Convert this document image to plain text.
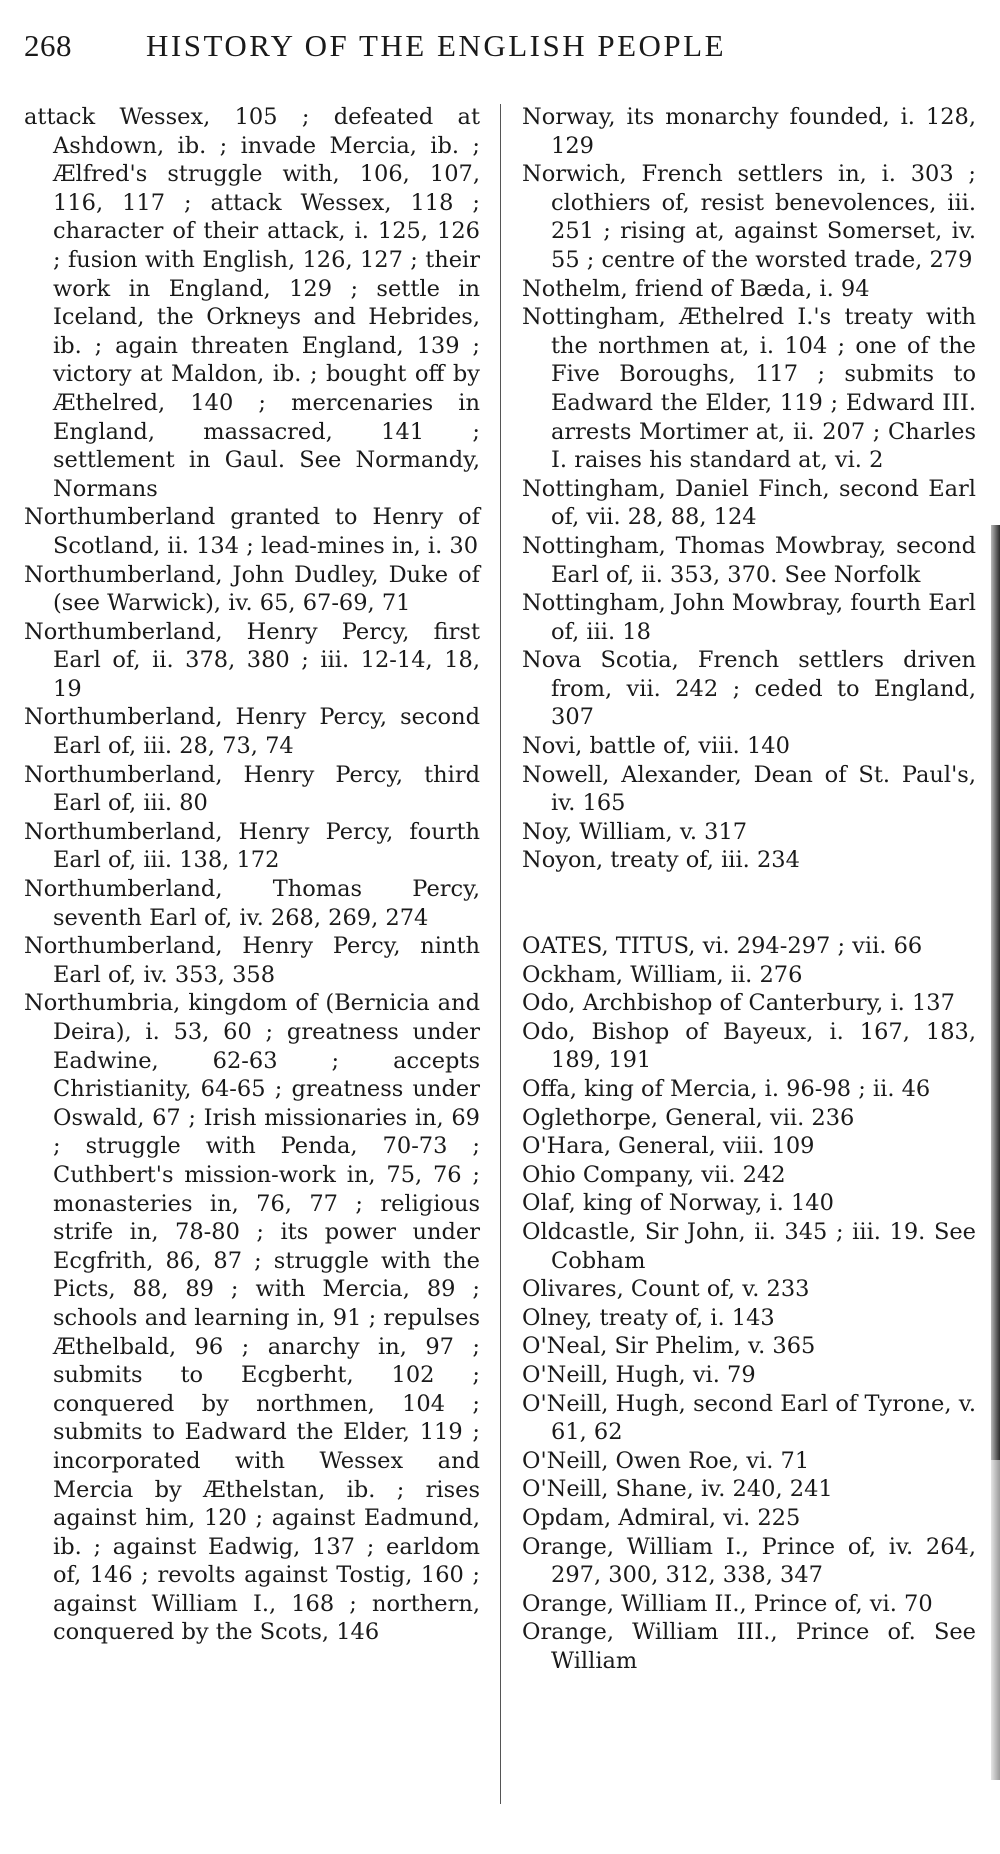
268 HISTORY OF THE ENGLISH PEOPLE
attack Wessex, 105 ; defeated at Ashdown, ib. ; invade Mercia, ib. ; Ælfred's struggle with, 106, 107, 116, 117 ; attack Wessex, 118 ; character of their attack, i. 125, 126 ; fusion with English, 126, 127 ; their work in England, 129 ; settle in Iceland, the Orkneys and Hebrides, ib. ; again threaten England, 139 ; victory at Maldon, ib. ; bought off by Æthelred, 140 ; mercenaries in England, massacred, 141 ; settlement in Gaul. See Normandy, Normans
Northumberland granted to Henry of Scotland, ii. 134 ; lead-mines in, i. 30
Northumberland, John Dudley, Duke of (see Warwick), iv. 65, 67-69, 71
Northumberland, Henry Percy, first Earl of, ii. 378, 380 ; iii. 12-14, 18, 19
Northumberland, Henry Percy, second Earl of, iii. 28, 73, 74
Northumberland, Henry Percy, third Earl of, iii. 80
Northumberland, Henry Percy, fourth Earl of, iii. 138, 172
Northumberland, Thomas Percy, seventh Earl of, iv. 268, 269, 274
Northumberland, Henry Percy, ninth Earl of, iv. 353, 358
Northumbria, kingdom of (Bernicia and Deira), i. 53, 60 ; greatness under Eadwine, 62-63 ; accepts Christianity, 64-65 ; greatness under Oswald, 67 ; Irish missionaries in, 69 ; struggle with Penda, 70-73 ; Cuthbert's mission-work in, 75, 76 ; monasteries in, 76, 77 ; religious strife in, 78-80 ; its power under Ecgfrith, 86, 87 ; struggle with the Picts, 88, 89 ; with Mercia, 89 ; schools and learning in, 91 ; repulses Æthelbald, 96 ; anarchy in, 97 ; submits to Ecgberht, 102 ; conquered by northmen, 104 ; submits to Eadward the Elder, 119 ; incorporated with Wessex and Mercia by Æthelstan, ib. ; rises against him, 120 ; against Eadmund, ib. ; against Eadwig, 137 ; earldom of, 146 ; revolts against Tostig, 160 ; against William I., 168 ; northern, conquered by the Scots, 146
Norway, its monarchy founded, i. 128, 129
Norwich, French settlers in, i. 303 ; clothiers of, resist benevolences, iii. 251 ; rising at, against Somerset, iv. 55 ; centre of the worsted trade, 279
Nothelm, friend of Bæda, i. 94
Nottingham, Æthelred I.'s treaty with the northmen at, i. 104 ; one of the Five Boroughs, 117 ; submits to Eadward the Elder, 119 ; Edward III. arrests Mortimer at, ii. 207 ; Charles I. raises his standard at, vi. 2
Nottingham, Daniel Finch, second Earl of, vii. 28, 88, 124
Nottingham, Thomas Mowbray, second Earl of, ii. 353, 370. See Norfolk
Nottingham, John Mowbray, fourth Earl of, iii. 18
Nova Scotia, French settlers driven from, vii. 242 ; ceded to England, 307
Novi, battle of, viii. 140
Nowell, Alexander, Dean of St. Paul's, iv. 165
Noy, William, v. 317
Noyon, treaty of, iii. 234
OATES, TITUS, vi. 294-297 ; vii. 66
Ockham, William, ii. 276
Odo, Archbishop of Canterbury, i. 137
Odo, Bishop of Bayeux, i. 167, 183, 189, 191
Offa, king of Mercia, i. 96-98 ; ii. 46
Oglethorpe, General, vii. 236
O'Hara, General, viii. 109
Ohio Company, vii. 242
Olaf, king of Norway, i. 140
Oldcastle, Sir John, ii. 345 ; iii. 19. See Cobham
Olivares, Count of, v. 233
Olney, treaty of, i. 143
O'Neal, Sir Phelim, v. 365
O'Neill, Hugh, vi. 79
O'Neill, Hugh, second Earl of Tyrone, v. 61, 62
O'Neill, Owen Roe, vi. 71
O'Neill, Shane, iv. 240, 241
Opdam, Admiral, vi. 225
Orange, William I., Prince of, iv. 264, 297, 300, 312, 338, 347
Orange, William II., Prince of, vi. 70
Orange, William III., Prince of. See William
